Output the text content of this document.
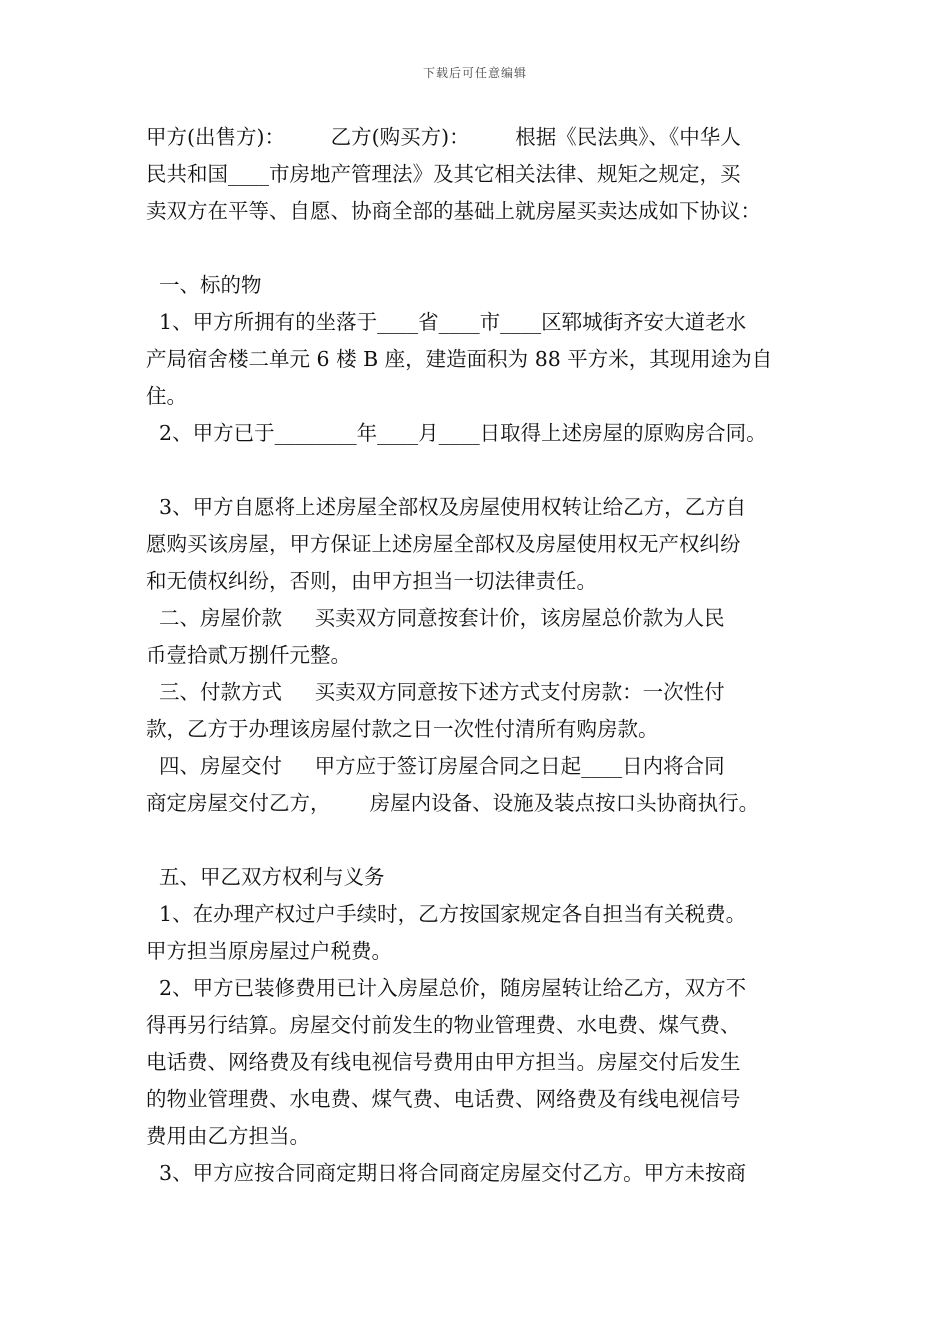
下载后可任意编辑
甲方(出售方)：       乙方(购买方)：       根据《民法典》、《中华人
民共和国____市房地产管理法》及其它相关法律、规矩之规定，买
卖双方在平等、自愿、协商全部的基础上就房屋买卖达成如下协议：
一、标的物
1、甲方所拥有的坐落于____省____市____区郓城街齐安大道老水
产局宿舍楼二单元 6 楼 B 座，建造面积为 88 平方米，其现用途为自
住。
2、甲方已于________年____月____日取得上述房屋的原购房合同。
3、甲方自愿将上述房屋全部权及房屋使用权转让给乙方，乙方自
愿购买该房屋，甲方保证上述房屋全部权及房屋使用权无产权纠纷
和无债权纠纷，否则，由甲方担当一切法律责任。
二、房屋价款     买卖双方同意按套计价，该房屋总价款为人民
币壹拾贰万捌仟元整。
三、付款方式     买卖双方同意按下述方式支付房款：一次性付
款，乙方于办理该房屋付款之日一次性付清所有购房款。
四、房屋交付     甲方应于签订房屋合同之日起____日内将合同
商定房屋交付乙方，      房屋内设备、设施及装点按口头协商执行。
五、甲乙双方权利与义务
1、在办理产权过户手续时，乙方按国家规定各自担当有关税费。
甲方担当原房屋过户税费。
2、甲方已装修费用已计入房屋总价，随房屋转让给乙方，双方不
得再另行结算。房屋交付前发生的物业管理费、水电费、煤气费、
电话费、网络费及有线电视信号费用由甲方担当。房屋交付后发生
的物业管理费、水电费、煤气费、电话费、网络费及有线电视信号
费用由乙方担当。
3、甲方应按合同商定期日将合同商定房屋交付乙方。甲方未按商
